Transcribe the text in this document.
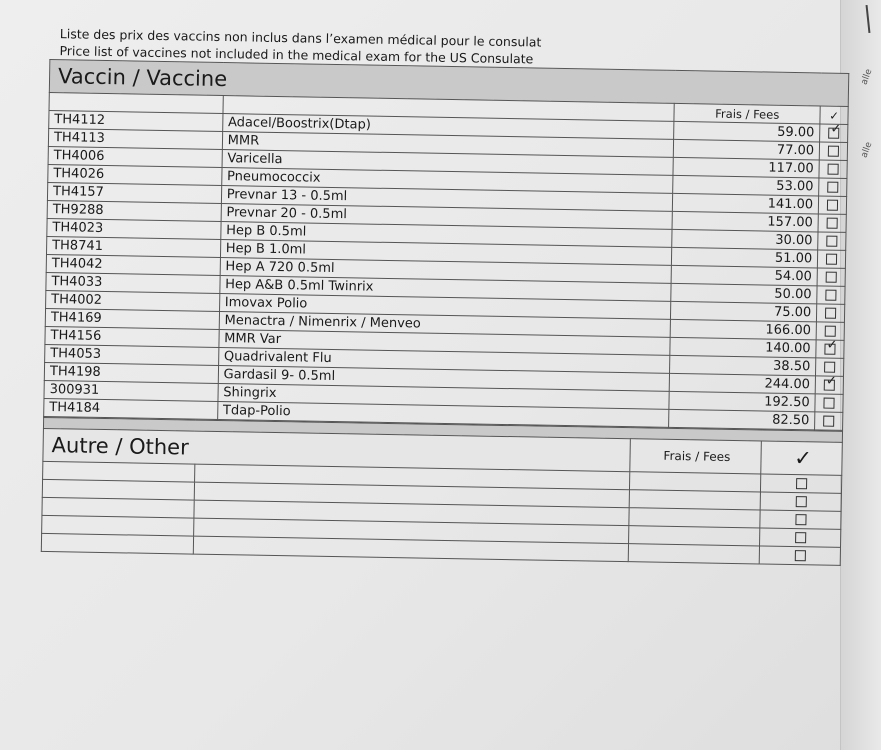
alle
alle
Liste des prix des vaccins non inclus dans l’examen médical pour le consulat
Price list of vaccines not included in the medical exam for the US Consulate
Vaccin / Vaccine			
		Frais / Fees	✓
TH4112	Adacel/Boostrix(Dtap)	59.00	✓
TH4113	MMR	77.00	
TH4006	Varicella	117.00	
TH4026	Pneumococcix	53.00	
TH4157	Prevnar 13 - 0.5ml	141.00	
TH9288	Prevnar 20 - 0.5ml	157.00	
TH4023	Hep B 0.5ml	30.00	
TH8741	Hep B 1.0ml	51.00	
TH4042	Hep A 720 0.5ml	54.00	
TH4033	Hep A&B 0.5ml Twinrix	50.00	
TH4002	Imovax Polio	75.00	
TH4169	Menactra / Nimenrix / Menveo	166.00	
TH4156	MMR Var	140.00	✓
TH4053	Quadrivalent Flu	38.50	
TH4198	Gardasil 9- 0.5ml	244.00	✓
300931	Shingrix	192.50	
TH4184	Tdap-Polio	82.50	

Autre / Other		Frais / Fees	✓
